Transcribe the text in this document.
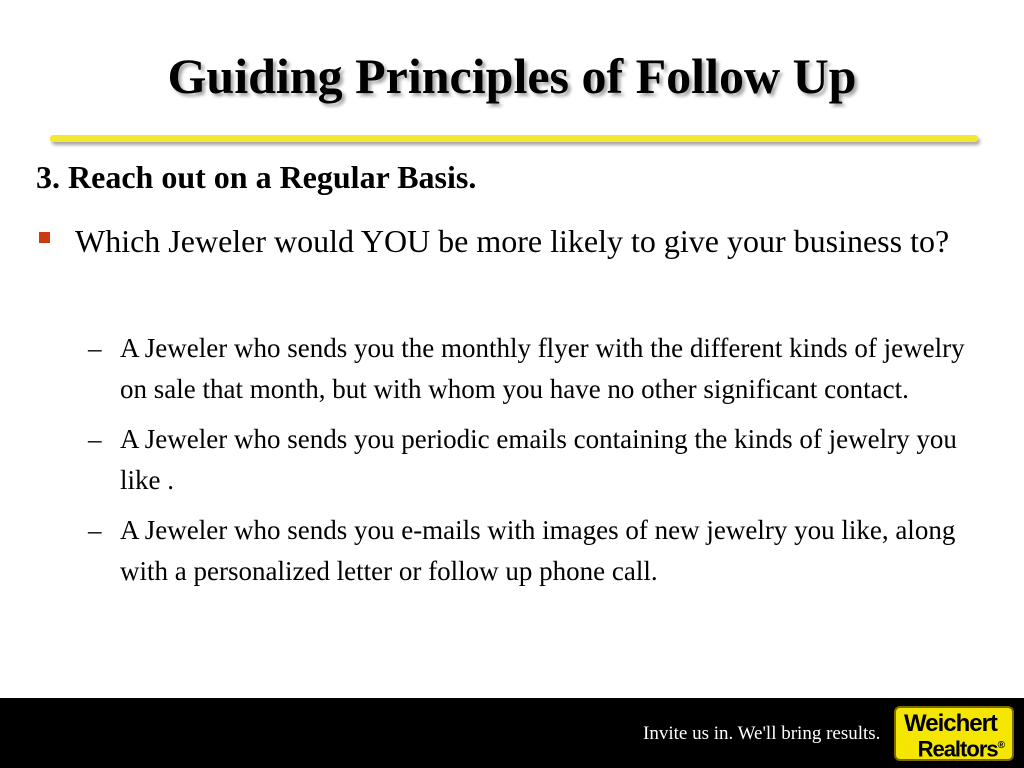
Guiding Principles of Follow Up
3. Reach out on a Regular Basis.
Which Jeweler would YOU be more likely to give your business to?
– A Jeweler who sends you the monthly flyer with the different kinds of jewelry on sale that month, but with whom you have no other significant contact.
– A Jeweler who sends you periodic emails containing the kinds of jewelry you like .
– A Jeweler who sends you e-mails with images of new jewelry you like, along with a personalized letter or follow up phone call.
Invite us in. We'll bring results. Weichert
Realtors®
